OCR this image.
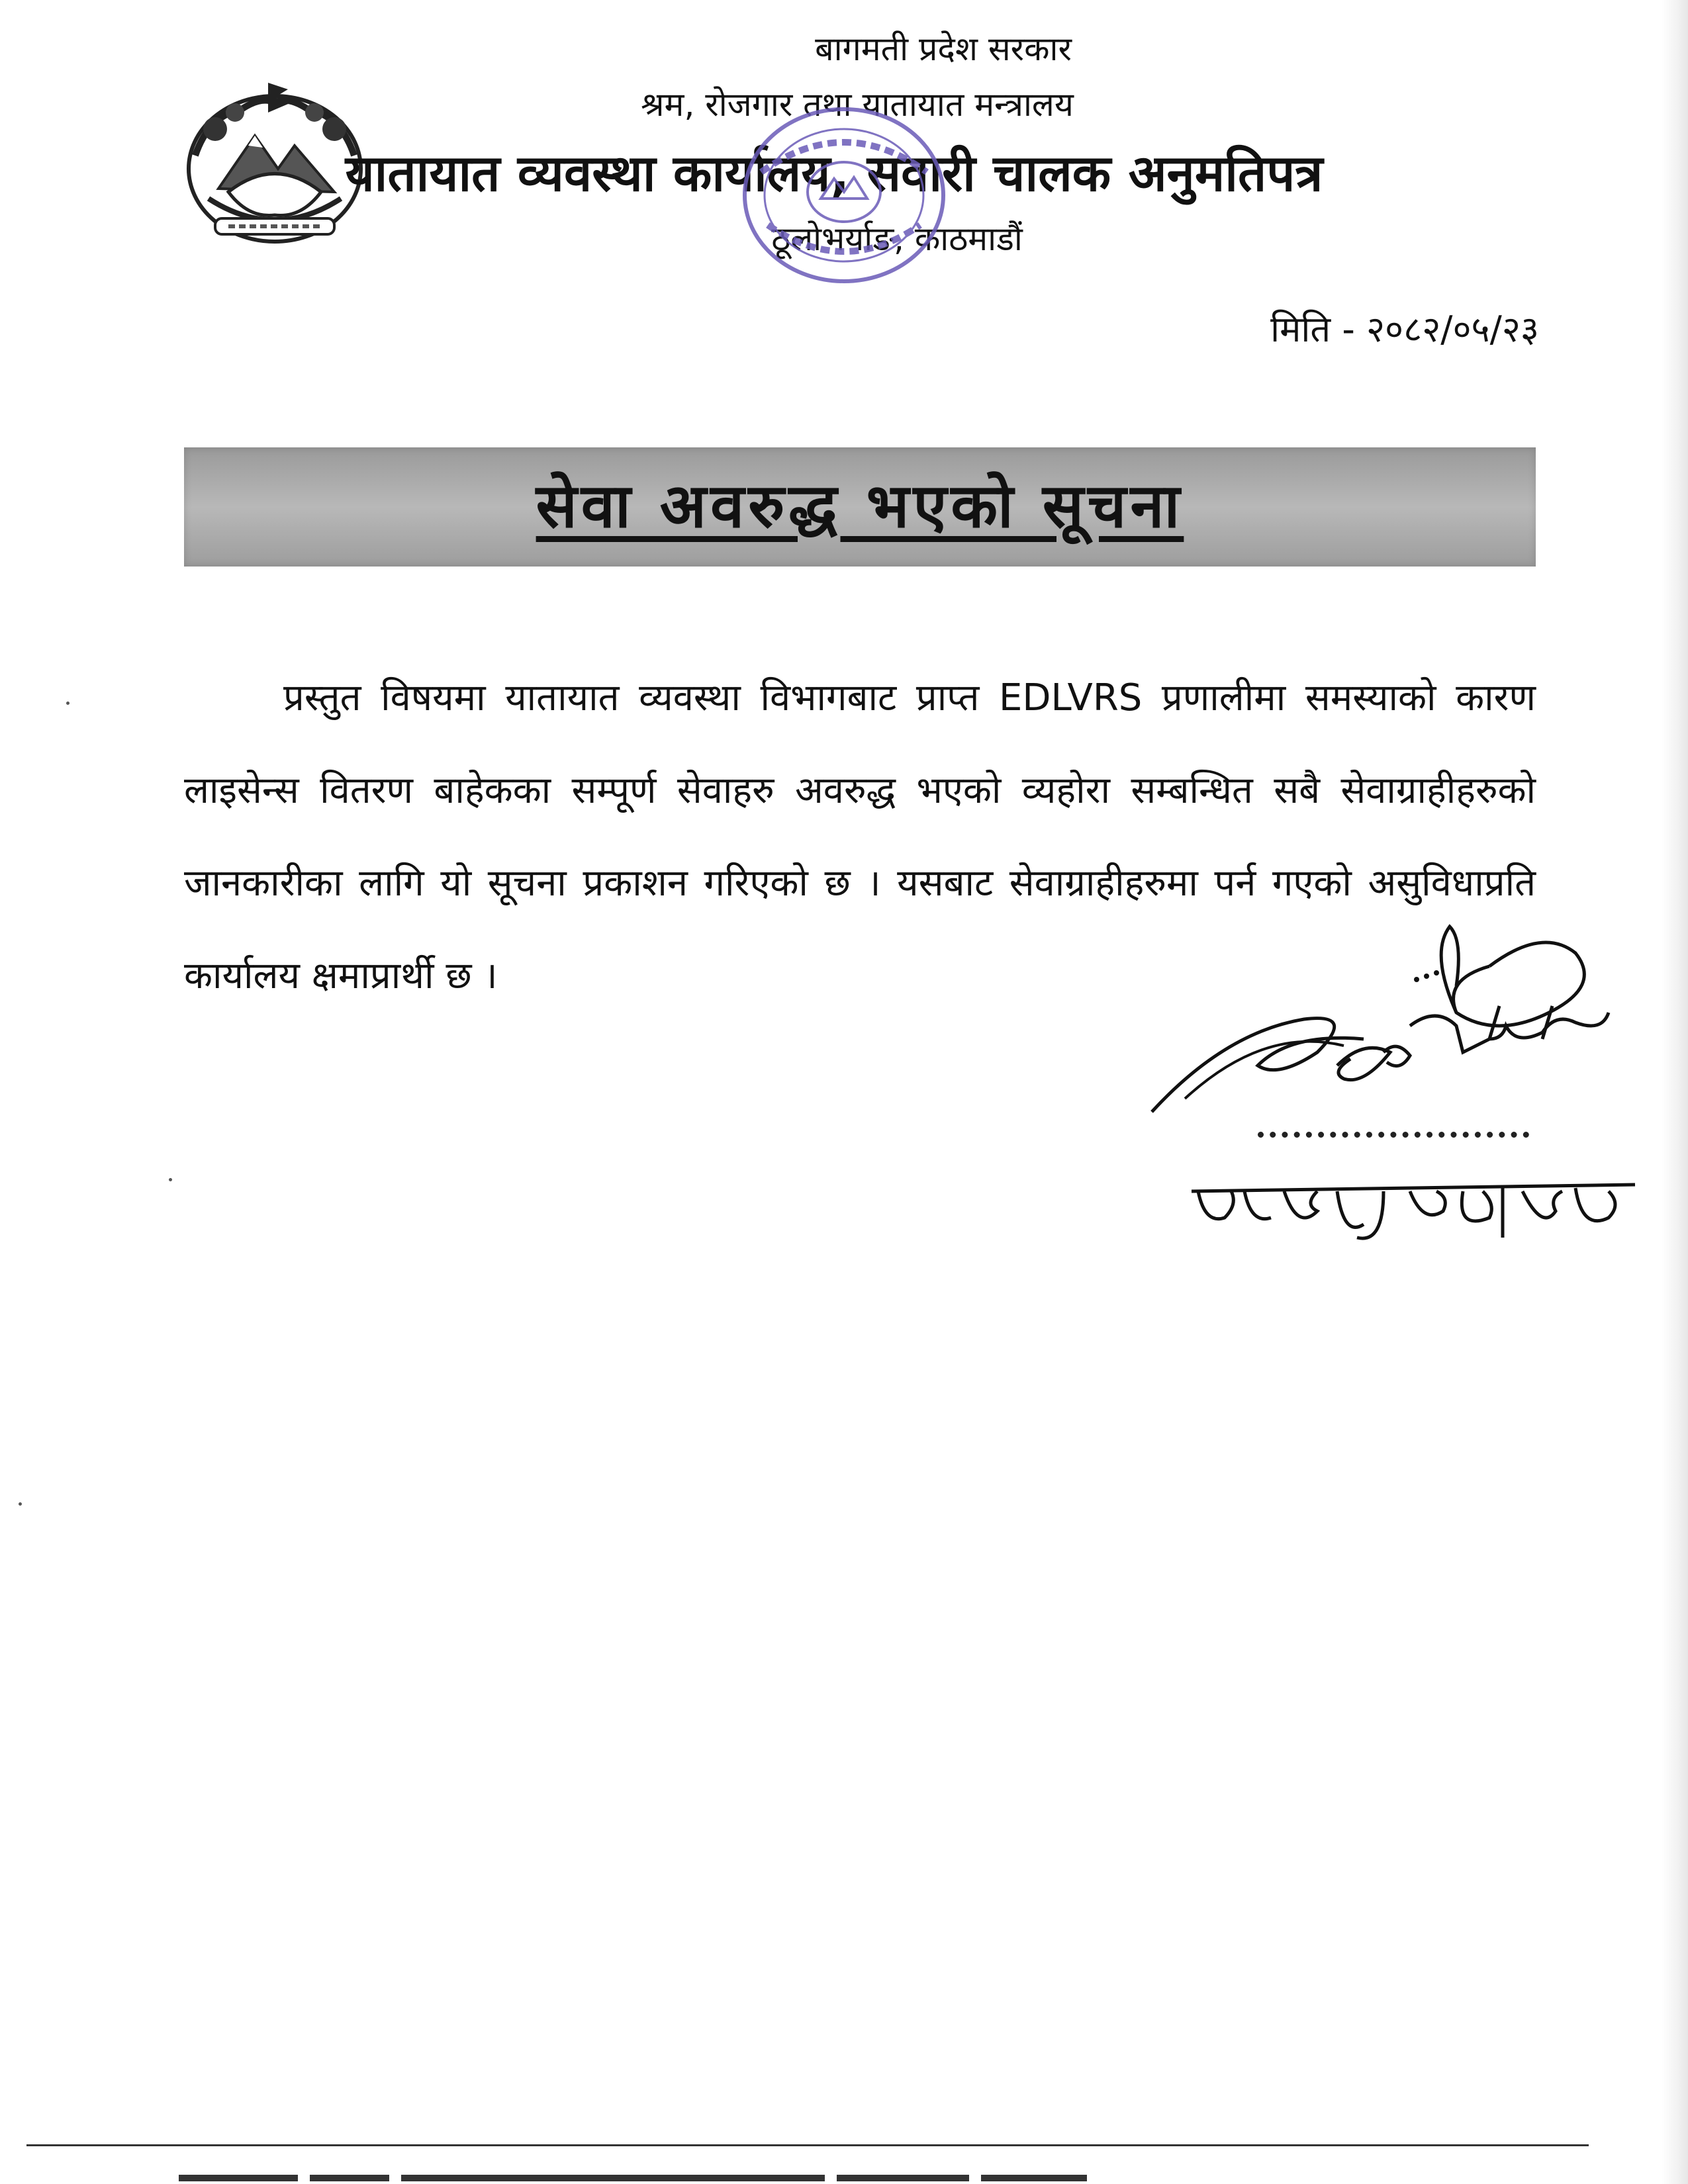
बागमती प्रदेश सरकार
श्रम, रोजगार तथा यातायात मन्त्रालय
यातायात व्यवस्था कार्यालय, सवारी चालक अनुमतिपत्र
ठूलोभर्याङ, काठमाडौं
मिति - २०८२/०५/२३
सेवा अवरुद्ध भएको सूचना

प्रस्तुत विषयमा यातायात व्यवस्था विभागबाट प्राप्त EDLVRS प्रणालीमा समस्याको कारण लाइसेन्स वितरण बाहेकका सम्पूर्ण सेवाहरु अवरुद्ध भएको व्यहोरा सम्बन्धित सबै सेवाग्राहीहरुको जानकारीका लागि यो सूचना प्रकाशन गरिएको छ । यसबाट सेवाग्राहीहरुमा पर्न गएको असुविधाप्रति कार्यालय क्षमाप्रार्थी छ ।

२०८२/०५/२३
महेश्वर प्रसाद घिमिरे
